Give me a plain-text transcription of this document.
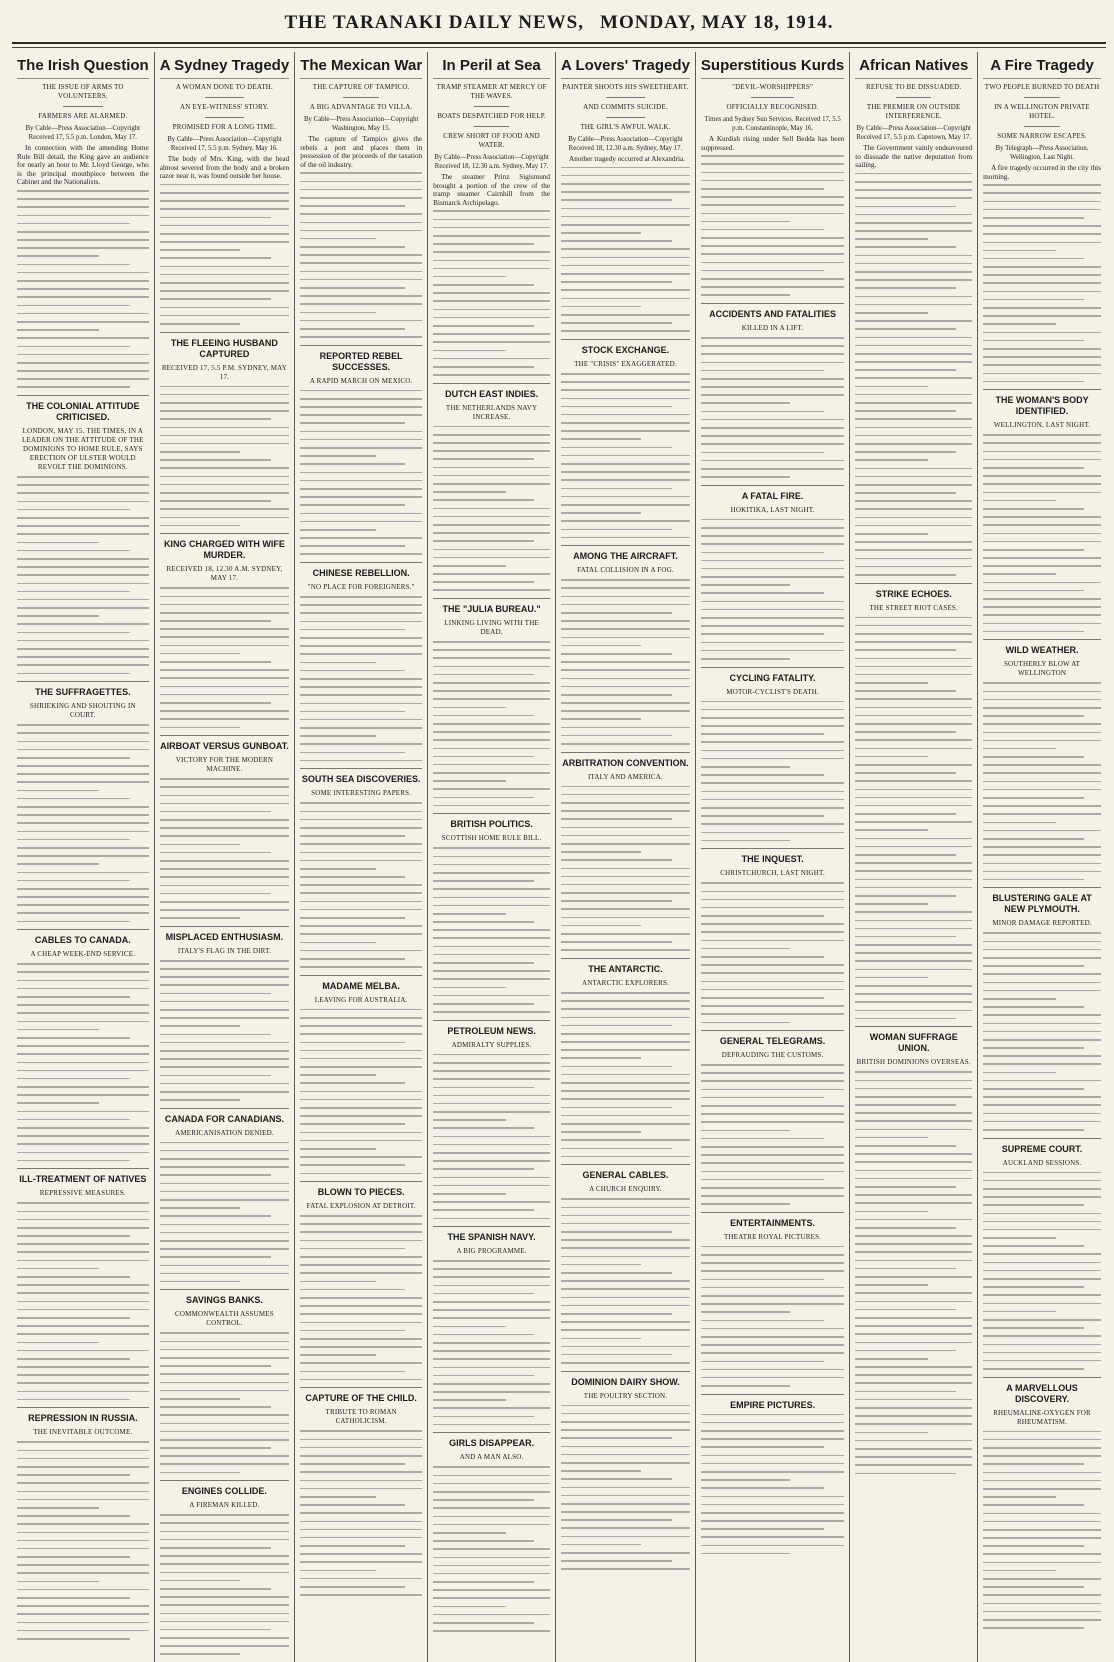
THE TARANAKI DAILY NEWS, MONDAY, MAY 18, 1914.
The Irish Question
THE ISSUE OF ARMS TO VOLUNTEERS.
FARMERS ARE ALARMED.
By Cable—Press Association—Copyright Received 17, 5.5 p.m. London, May 17.
In connection with the amending Home Rule Bill detail, the King gave an audience for nearly an hour to Mr. Lloyd George, who is the principal mouthpiece between the Cabinet and the Nationalists.
THE COLONIAL ATTITUDE CRITICISED.
LONDON, MAY 15. THE TIMES, IN A LEADER ON THE ATTITUDE OF THE DOMINIONS TO HOME RULE, SAYS ERECTION OF ULSTER WOULD REVOLT THE DOMINIONS.
THE SUFFRAGETTES.
SHRIEKING AND SHOUTING IN COURT.
CABLES TO CANADA.
A CHEAP WEEK-END SERVICE.
ILL-TREATMENT OF NATIVES
REPRESSIVE MEASURES.
REPRESSION IN RUSSIA.
THE INEVITABLE OUTCOME.
A Sydney Tragedy
A WOMAN DONE TO DEATH.
AN EYE-WITNESS' STORY.
PROMISED FOR A LONG TIME.
By Cable—Press Association—Copyright Received 17, 5.5 p.m. Sydney, May 16.
The body of Mrs. King, with the head almost severed from the body and a broken razor near it, was found outside her house.
THE FLEEING HUSBAND CAPTURED
RECEIVED 17, 5.5 P.M. SYDNEY, MAY 17.
KING CHARGED WITH WIFE MURDER.
RECEIVED 18, 12.30 A.M. SYDNEY, MAY 17.
AIRBOAT VERSUS GUNBOAT.
VICTORY FOR THE MODERN MACHINE.
MISPLACED ENTHUSIASM.
ITALY'S FLAG IN THE DIRT.
CANADA FOR CANADIANS.
AMERICANISATION DENIED.
SAVINGS BANKS.
COMMONWEALTH ASSUMES CONTROL.
ENGINES COLLIDE.
A FIREMAN KILLED.
The Mexican War
THE CAPTURE OF TAMPICO.
A BIG ADVANTAGE TO VILLA.
By Cable—Press Association—Copyright Washington, May 15.
The capture of Tampico gives the rebels a port and places them in possession of the proceeds of the taxation of the oil industry.
REPORTED REBEL SUCCESSES.
A RAPID MARCH ON MEXICO.
CHINESE REBELLION.
"NO PLACE FOR FOREIGNERS."
SOUTH SEA DISCOVERIES.
SOME INTERESTING PAPERS.
MADAME MELBA.
LEAVING FOR AUSTRALIA.
BLOWN TO PIECES.
FATAL EXPLOSION AT DETROIT.
CAPTURE OF THE CHILD.
TRIBUTE TO ROMAN CATHOLICISM.
In Peril at Sea
TRAMP STEAMER AT MERCY OF THE WAVES.
BOATS DESPATCHED FOR HELP.
CREW SHORT OF FOOD AND WATER.
By Cable—Press Association—Copyright Received 18, 12.30 a.m. Sydney, May 17.
The steamer Prinz Sigismund brought a portion of the crew of the tramp steamer Cairnhill from the Bismarck Archipelago.
DUTCH EAST INDIES.
THE NETHERLANDS NAVY INCREASE.
THE "JULIA BUREAU."
LINKING LIVING WITH THE DEAD.
BRITISH POLITICS.
SCOTTISH HOME RULE BILL.
PETROLEUM NEWS.
ADMIRALTY SUPPLIES.
THE SPANISH NAVY.
A BIG PROGRAMME.
GIRLS DISAPPEAR.
AND A MAN ALSO.
A Lovers' Tragedy
PAINTER SHOOTS HIS SWEETHEART.
AND COMMITS SUICIDE.
THE GIRL'S AWFUL WALK.
By Cable—Press Association—Copyright Received 18, 12.30 a.m. Sydney, May 17.
Another tragedy occurred at Alexandria.
STOCK EXCHANGE.
THE "CRISIS" EXAGGERATED.
AMONG THE AIRCRAFT.
FATAL COLLISION IN A FOG.
ARBITRATION CONVENTION.
ITALY AND AMERICA.
THE ANTARCTIC.
ANTARCTIC EXPLORERS.
GENERAL CABLES.
A CHURCH ENQUIRY.
DOMINION DAIRY SHOW.
THE POULTRY SECTION.
Superstitious Kurds
"DEVIL-WORSHIPPERS"
OFFICIALLY RECOGNISED.
Times and Sydney Sun Services. Received 17, 5.5 p.m. Constantinople, May 16.
A Kurdish rising under Sell Bedda has been suppressed.
ACCIDENTS AND FATALITIES
KILLED IN A LIFT.
A FATAL FIRE.
HOKITIKA, LAST NIGHT.
CYCLING FATALITY.
MOTOR-CYCLIST'S DEATH.
THE INQUEST.
CHRISTCHURCH, LAST NIGHT.
GENERAL TELEGRAMS.
DEFRAUDING THE CUSTOMS.
ENTERTAINMENTS.
THEATRE ROYAL PICTURES.
EMPIRE PICTURES.
African Natives
REFUSE TO BE DISSUADED.
THE PREMIER ON OUTSIDE INTERFERENCE.
By Cable—Press Association—Copyright Received 17, 5.5 p.m. Capetown, May 17.
The Government vainly endeavoured to dissuade the native deputation from sailing.
STRIKE ECHOES.
THE STREET RIOT CASES.
WOMAN SUFFRAGE UNION.
BRITISH DOMINIONS OVERSEAS.
A Fire Tragedy
TWO PEOPLE BURNED TO DEATH
IN A WELLINGTON PRIVATE HOTEL.
SOME NARROW ESCAPES.
By Telegraph—Press Association. Wellington, Last Night.
A fire tragedy occurred in the city this morning.
THE WOMAN'S BODY IDENTIFIED.
WELLINGTON, LAST NIGHT.
WILD WEATHER.
SOUTHERLY BLOW AT WELLINGTON
BLUSTERING GALE AT NEW PLYMOUTH.
MINOR DAMAGE REPORTED.
SUPREME COURT.
AUCKLAND SESSIONS.
A MARVELLOUS DISCOVERY.
RHEUMALINE-OXYGEN FOR RHEUMATISM.
